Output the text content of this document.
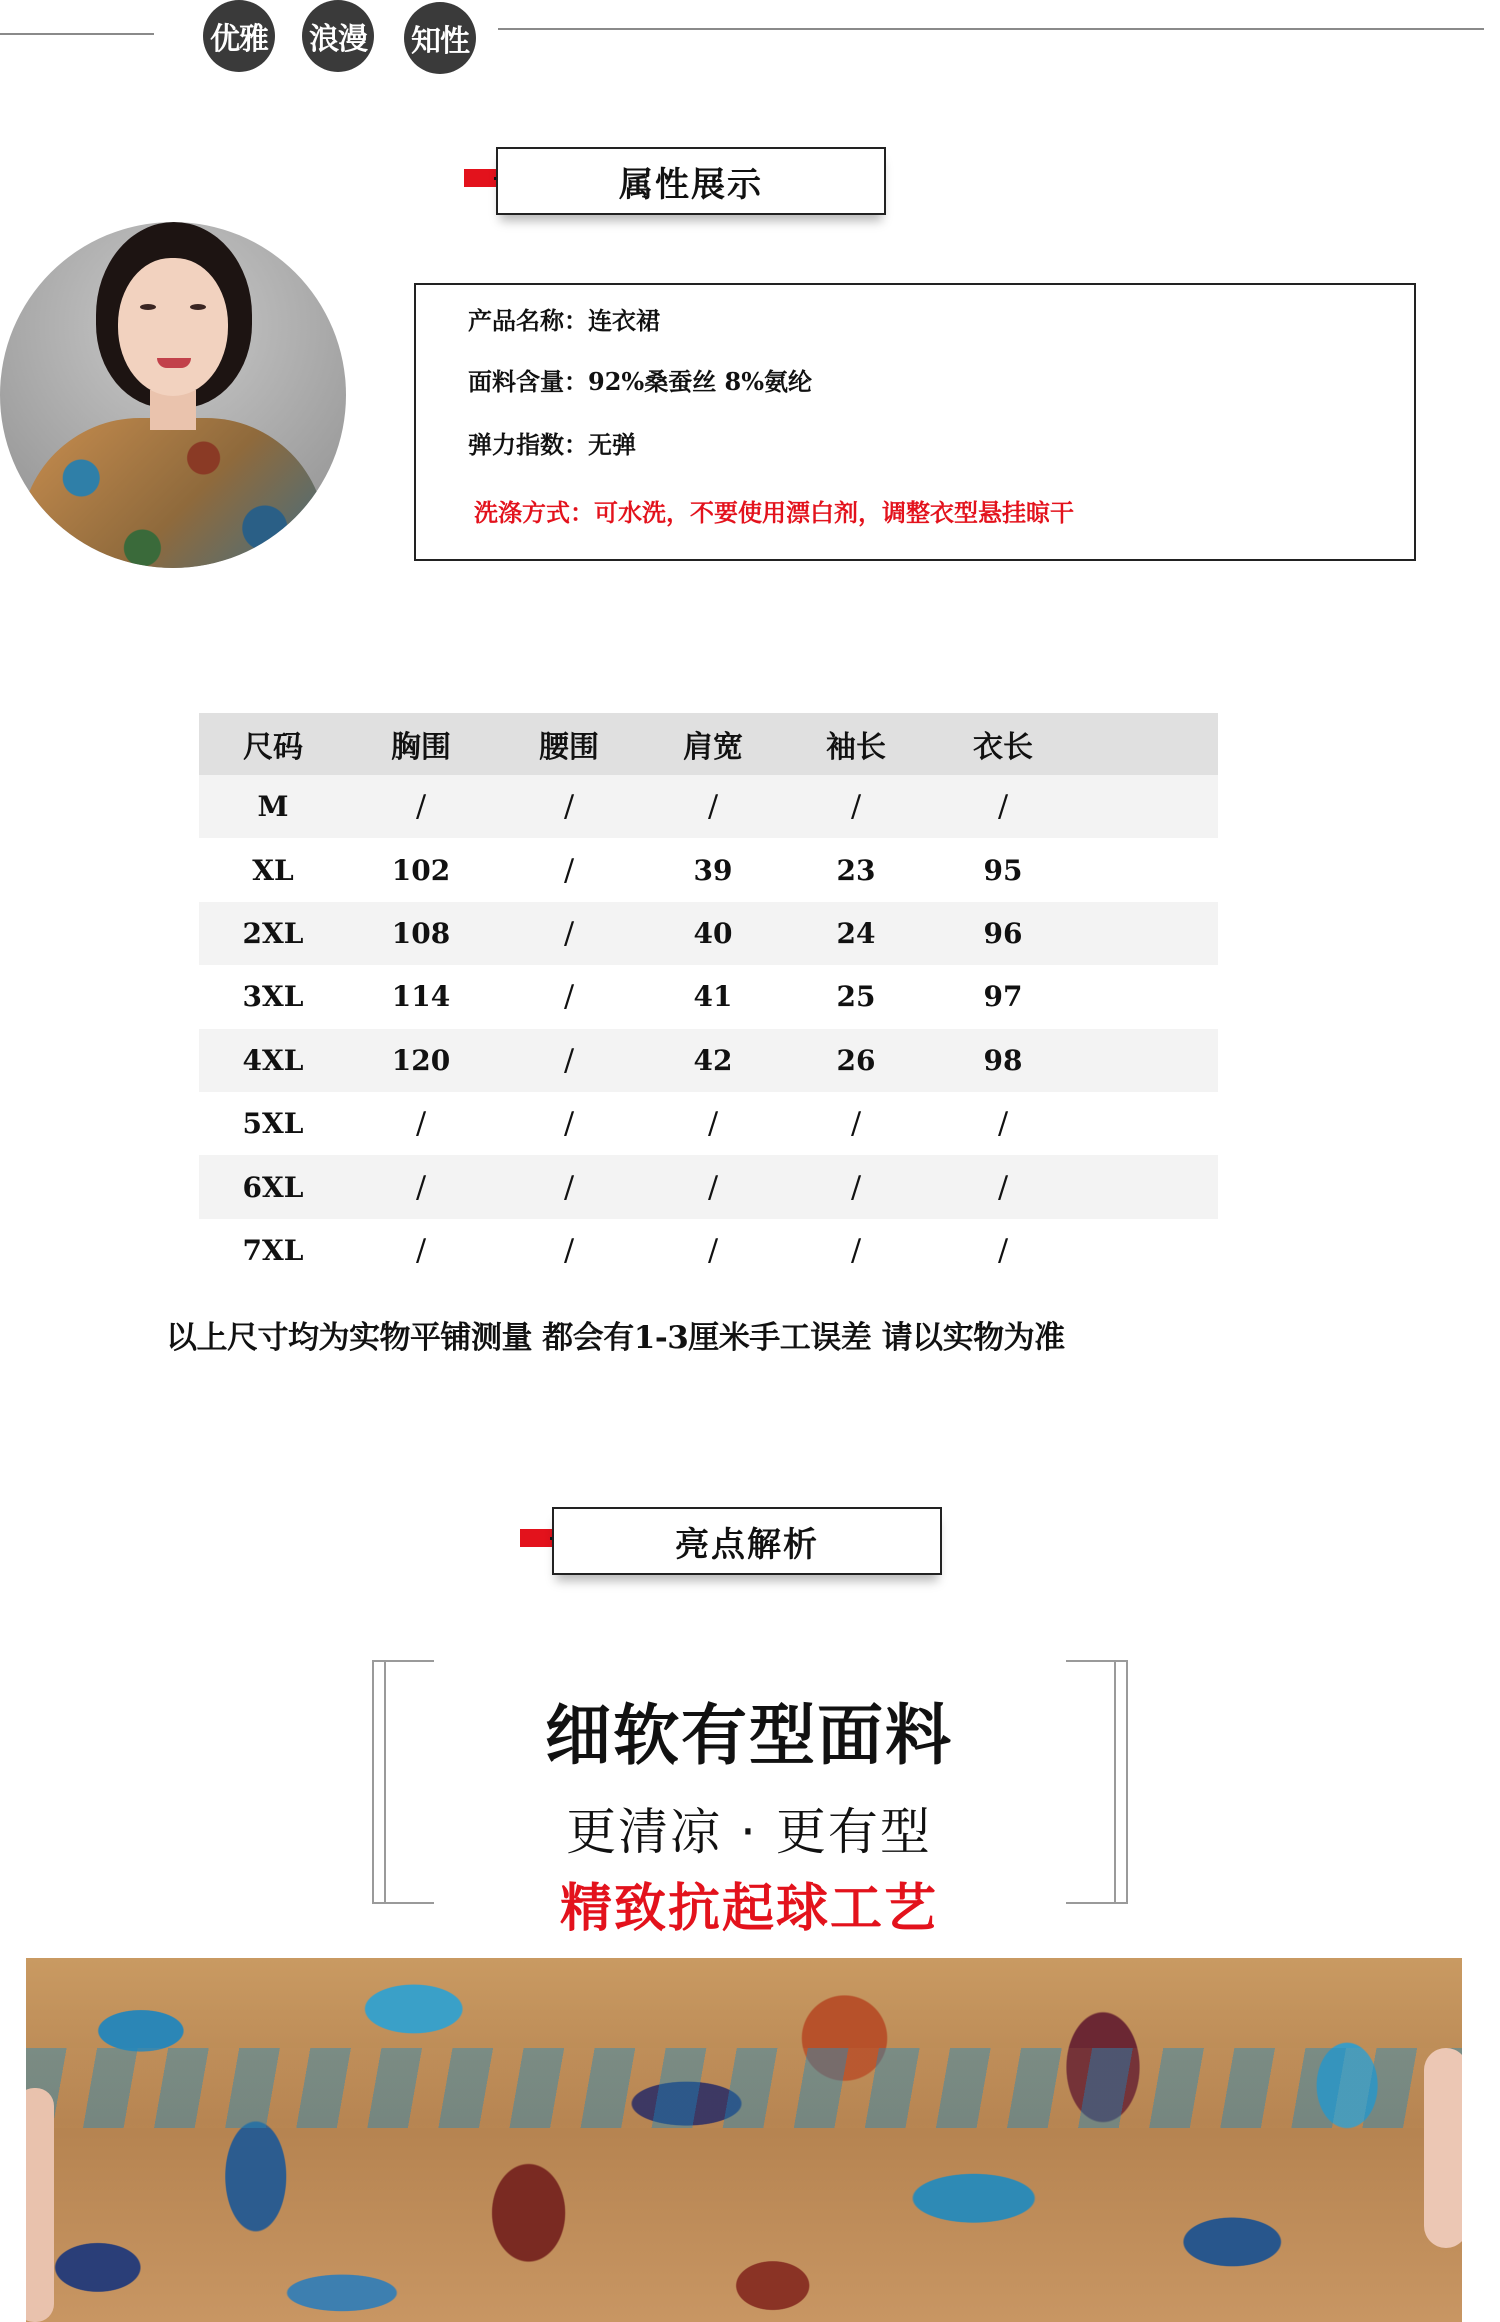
优雅 浪漫 知性
属性展示
产品名称：连衣裙
面料含量：92%桑蚕丝 8%氨纶
弹力指数：无弹
洗涤方式：可水洗，不要使用漂白剂，调整衣型悬挂晾干
尺码	胸围	腰围	肩宽	袖长	衣长	
M	/	/	/	/	/	
XL	102	/	39	23	95	
2XL	108	/	40	24	96	
3XL	114	/	41	25	97	
4XL	120	/	42	26	98	
5XL	/	/	/	/	/	
6XL	/	/	/	/	/	
7XL	/	/	/	/	/	
以上尺寸均为实物平铺测量 都会有1-3厘米手工误差 请以实物为准
亮点解析
细软有型面料
更清凉 · 更有型
精致抗起球工艺
